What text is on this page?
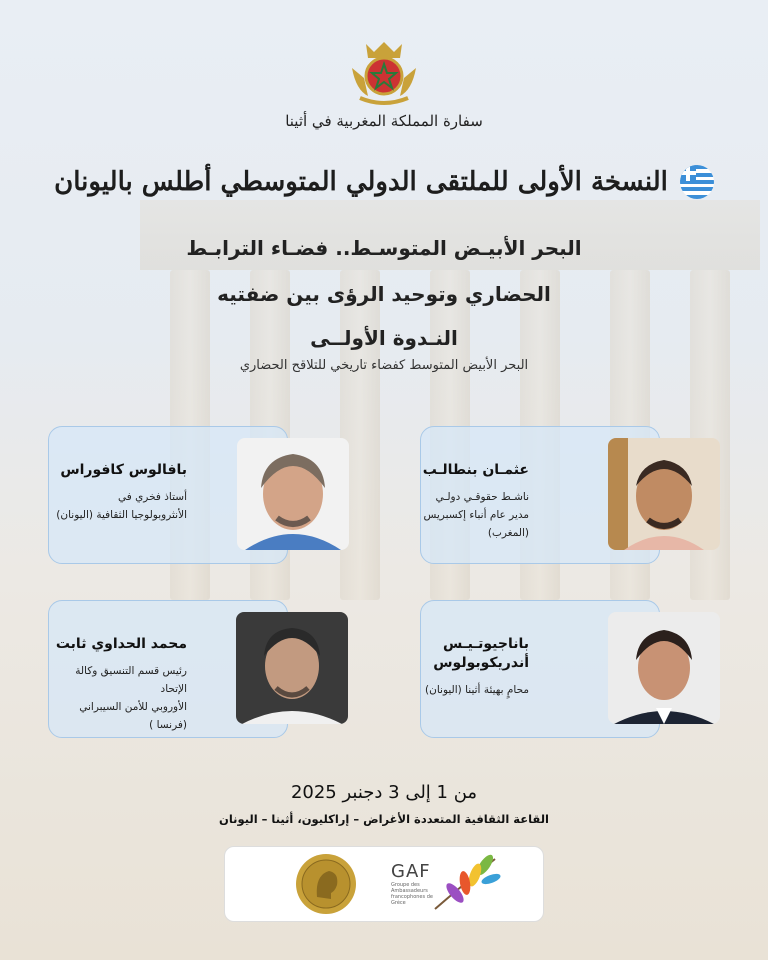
سفارة المملكة المغربية في أثينا
النسخة الأولى للملتقى الدولي المتوسطي أطلس باليونان
البحر الأبيـض المتوسـط.. فضـاء الترابـط
الحضاري وتوحيد الرؤى بين ضفتيه
النـدوة الأولــى
البحر الأبيض المتوسط كفضاء تاريخي للتلاقح الحضاري
عثمـان بنطالـب
ناشـط حقوقـي دولـي
مدير عام أنباء إكسبريس (المغرب)
بافالوس كافوراس
أستاذ فخري في
الأنثروبولوجيا الثقافية (اليونان)
باناجيوتـيـس
أندريكوبولوس
محامٍ بهيئة أثينا (اليونان)
محمد الحداوي ثابت
رئيس قسم التنسيق وكالة الإتحاد
الأوروبي للأمن السيبراني (فرنسا )
من 1 إلى 3 دجنبر 2025
القاعة الثقافية المتعددة الأغراض – إراكليون، أثينا – اليونان
GAF
Groupe des Ambassadeurs francophones de Grèce
